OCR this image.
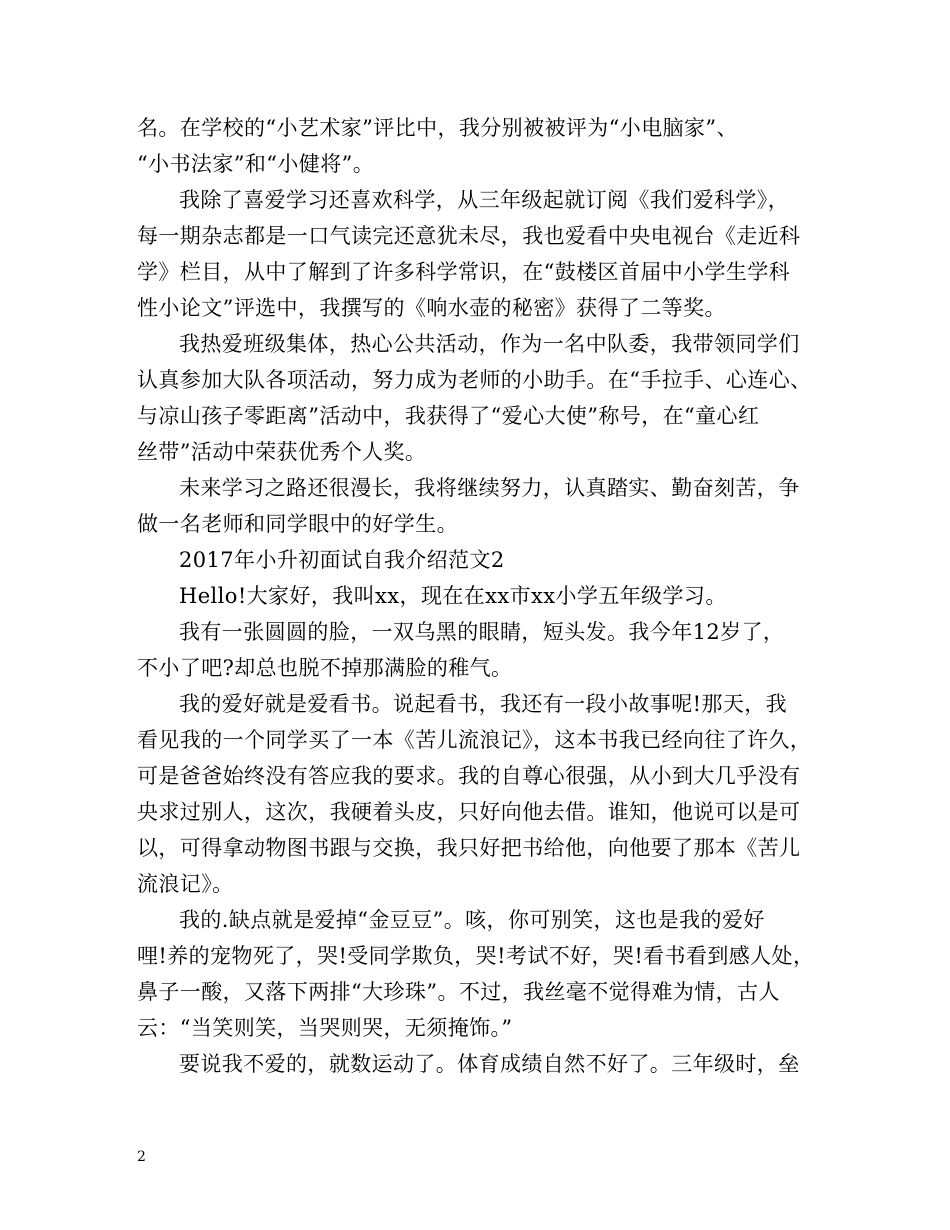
名。在学校的“小艺术家”评比中，我分别被被评为“小电脑家”、
“小书法家”和“小健将”。
我除了喜爱学习还喜欢科学，从三年级起就订阅《我们爱科学》，
每一期杂志都是一口气读完还意犹未尽，我也爱看中央电视台《走近科
学》栏目，从中了解到了许多科学常识，在“鼓楼区首届中小学生学科
性小论文”评选中，我撰写的《响水壶的秘密》获得了二等奖。
我热爱班级集体，热心公共活动，作为一名中队委，我带领同学们
认真参加大队各项活动，努力成为老师的小助手。在“手拉手、心连心、
与凉山孩子零距离”活动中，我获得了“爱心大使”称号，在“童心红
丝带”活动中荣获优秀个人奖。
未来学习之路还很漫长，我将继续努力，认真踏实、勤奋刻苦，争
做一名老师和同学眼中的好学生。
2017年小升初面试自我介绍范文2
Hello!大家好，我叫xx，现在在xx市xx小学五年级学习。
我有一张圆圆的脸，一双乌黑的眼睛，短头发。我今年12岁了，
不小了吧?却总也脱不掉那满脸的稚气。
我的爱好就是爱看书。说起看书，我还有一段小故事呢!那天，我
看见我的一个同学买了一本《苦儿流浪记》，这本书我已经向往了许久，
可是爸爸始终没有答应我的要求。我的自尊心很强，从小到大几乎没有
央求过别人，这次，我硬着头皮，只好向他去借。谁知，他说可以是可
以，可得拿动物图书跟与交换，我只好把书给他，向他要了那本《苦儿
流浪记》。
我的.缺点就是爱掉“金豆豆”。咳，你可别笑，这也是我的爱好
哩!养的宠物死了，哭!受同学欺负，哭!考试不好，哭!看书看到感人处，
鼻子一酸，又落下两排“大珍珠”。不过，我丝毫不觉得难为情，古人
云：“当笑则笑，当哭则哭，无须掩饰。”
要说我不爱的，就数运动了。体育成绩自然不好了。三年级时，垒
2
